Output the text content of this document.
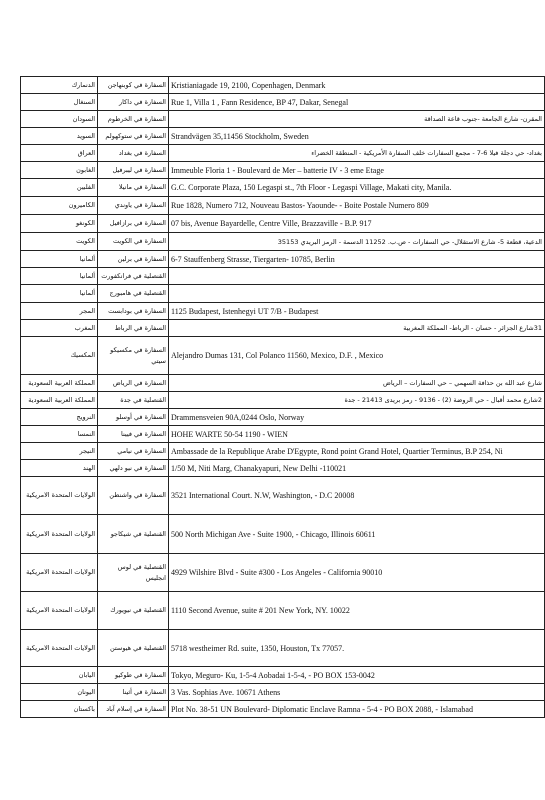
الدنمارك	السفارة في كوبنهاجن	Kristianiagade 19, 2100, Copenhagen, Denmark
السنغال	السفارة في داكار	Rue 1, Villa 1 , Fann Residence, BP 47, Dakar, Senegal
السودان	السفارة في الخرطوم	المقرن- شارع الجامعة -جنوب قاعة الصداقة
السويد	السفارة في ستوكهولم	Strandvägen 35,11456 Stockholm, Sweden
العراق	السفارة في بغداد	بغداد- حي دجلة فيلا 6-7 - مجمع السفارات خلف السفارة الأمريكية - المنطقة الخضراء
الغابون	السفارة في ليبرفيل	Immeuble Floria 1 - Boulevard de Mer – batterie IV - 3 eme Etage
الفلبين	السفارة في مانيلا	G.C. Corporate Plaza, 150 Legaspi st., 7th Floor - Legaspi Village, Makati city, Manila.
الكاميرون	السفارة في ياوندي	Rue 1828, Numero 712, Nouveau Bastos- Yaounde- - Boite Postale Numero 809
الكونغو	السفارة في برازافيل	07 bis, Avenue Bayardelle, Centre Ville, Brazzaville - B.P. 917
الكويت	السفارة في الكويت	الدعية، قطعة 5- شارع الاستقلال- حي السفارات - ص.ب. 11252 الدسمة - الرمز البريدي 35153
ألمانيا	السفارة في برلين	6-7 Stauffenberg Strasse, Tiergarten- 10785, Berlin
ألمانيا	القنصلية في فرانكفورت	
ألمانيا	القنصلية في هامبورج	
المجر	السفارة في بودابست	1125 Budapest, Istenhegyi UT 7/B - Budapest
المغرب	السفارة في الرباط	31شارع الجزائر - حسان - الرباط- المملكة المغربية
المكسيك	السفارة في مكسيكو سيتي	Alejandro Dumas 131, Col Polanco 11560, Mexico, D.F. , Mexico
المملكة العربية السعودية	السفارة في الرياض	شارع عبد الله بن حذافة السهمي – حي السفارات – الرياض
المملكة العربية السعودية	القنصلية في جدة	2شارع محمد أقبال - حي الروضة (2) - 9136 - رمز بريدى 21413 - جدة
النرويج	السفارة في أوسلو	Drammensveien 90A,0244 Oslo, Norway
النمسا	السفارة في فيينا	HOHE WARTE 50-54 1190 - WIEN
النيجر	السفارة في نيامي	Ambassade de la Republique Arabe D'Egypte, Rond point Grand Hotel, Quartier Terminus, B.P 254, Ni
الهند	السفارة في نيو دلهي	1/50 M, Niti Marg, Chanakyapuri, New Delhi -110021
الولايات المتحدة الامريكية	السفارة في واشنطن	3521 International Court. N.W, Washington, - D.C 20008
الولايات المتحدة الامريكية	القنصلية في شيكاجو	500 North Michigan Ave - Suite 1900, - Chicago, Illinois 60611
الولايات المتحدة الامريكية	القنصلية في لوس انجليس	4929 Wilshire Blvd - Suite #300 - Los Angeles - California 90010
الولايات المتحدة الامريكية	القنصلية في نيويورك	1110 Second Avenue, suite # 201 New York, NY. 10022
الولايات المتحدة الامريكية	القنصلية في هيوستن	5718 westheimer Rd. suite, 1350, Houston, Tx 77057.
اليابان	السفارة في طوكيو	Tokyo, Meguro- Ku, 1-5-4 Aobadai 1-5-4, - PO BOX 153-0042
اليونان	السفارة في أثينا	3 Vas. Sophias Ave. 10671 Athens
باكستان	السفارة في إسلام آباد	Plot No. 38-51 UN Boulevard- Diplomatic Enclave Ramna - 5-4 - PO BOX 2088, - Islamabad
